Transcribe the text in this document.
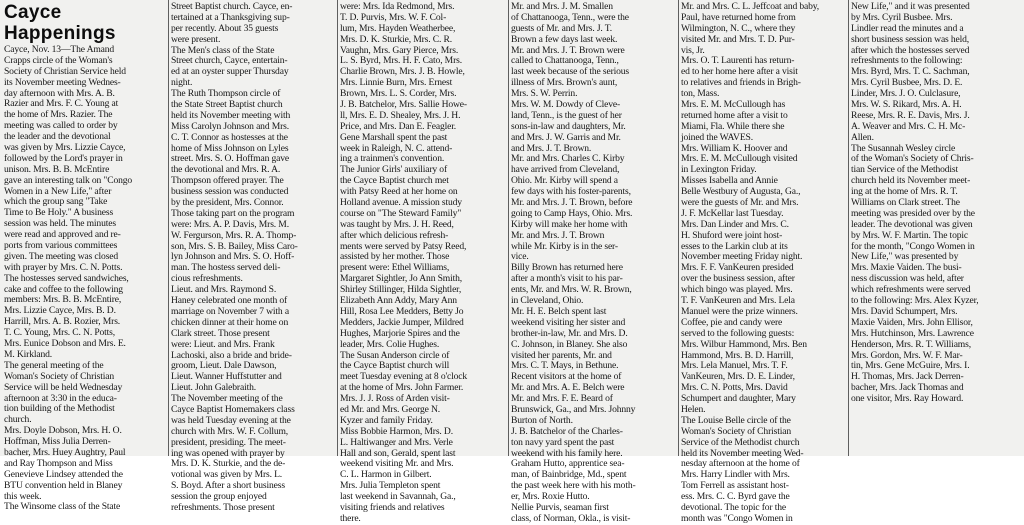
Cayce
Happenings
Cayce, Nov. 13—The Amand
Crapps circle of the Woman's
Society of Christian Service held
its November meeting Wednes-
day afternoon with Mrs. A. B.
Razier and Mrs. F. C. Young at
the home of Mrs. Razier. The
meeting was called to order by
the leader and the devotional
was given by Mrs. Lizzie Cayce,
followed by the Lord's prayer in
unison. Mrs. B. B. McEntire
gave an interesting talk on "Congo
Women in a New Life," after
which the group sang "Take
Time to Be Holy." A business
session was held. The minutes
were read and approved and re-
ports from various committees
given. The meeting was closed
with prayer by Mrs. C. N. Potts.
The hostesses served sandwiches,
cake and coffee to the following
members: Mrs. B. B. McEntire,
Mrs. Lizzie Cayce, Mrs. B. D.
Harrill, Mrs. A. B. Rozier, Mrs.
T. C. Young, Mrs. C. N. Potts,
Mrs. Eunice Dobson and Mrs. E.
M. Kirkland.
The general meeting of the
Woman's Society of Christian
Service will be held Wednesday
afternoon at 3:30 in the educa-
tion building of the Methodist
church.
Mrs. Doyle Dobson, Mrs. H. O.
Hoffman, Miss Julia Derren-
bacher, Mrs. Huey Aughtry, Paul
and Ray Thompson and Miss
Genevieve Lindsey attended the
BTU convention held in Blaney
this week.
The Winsome class of the State
Street Baptist church. Cayce, en-
tertained at a Thanksgiving sup-
per recently. About 35 guests
were present.
The Men's class of the State
Street church, Cayce, entertain-
ed at an oyster supper Thursday
night.
The Ruth Thompson circle of
the State Street Baptist church
held its November meeting with
Miss Carolyn Johnson and Mrs.
C. T. Connor as hostesses at the
home of Miss Johnson on Lyles
street. Mrs. S. O. Hoffman gave
the devotional and Mrs. R. A.
Thompson offered prayer. The
business session was conducted
by the president, Mrs. Connor.
Those taking part on the program
were: Mrs. A. P. Davis, Mrs. M.
W. Fergurson, Mrs. R. A. Thomp-
son, Mrs. S. B. Bailey, Miss Caro-
lyn Johnson and Mrs. S. O. Hoff-
man. The hostess served deli-
cious refreshments.
Lieut. and Mrs. Raymond S.
Haney celebrated one month of
marriage on November 7 with a
chicken dinner at their home on
Clark street. Those present
were: Lieut. and Mrs. Frank
Lachoski, also a bride and bride-
groom, Lieut. Dale Dawson,
Lieut. Wanner Huffstutter and
Lieut. John Galebraith.
The November meeting of the
Cayce Baptist Homemakers class
was held Tuesday evening at the
church with Mrs. W. F. Collum,
president, presiding. The meet-
ing was opened with prayer by
Mrs. D. K. Sturkie, and the de-
votional was given by Mrs. L.
S. Boyd. After a short business
session the group enjoyed
refreshments. Those present
were: Mrs. Ida Redmond, Mrs.
T. D. Purvis, Mrs. W. F. Col-
lum, Mrs. Hayden Weatherbee,
Mrs. D. K. Sturkie, Mrs. C. R.
Vaughn, Mrs. Gary Pierce, Mrs.
L. S. Byrd, Mrs. H. F. Cato, Mrs.
Charlie Brown, Mrs. J. B. Howle,
Mrs. Linnie Burn, Mrs. Ernest
Brown, Mrs. L. S. Corder, Mrs.
J. B. Batchelor, Mrs. Sallie Howe-
ll, Mrs. E. D. Shealey, Mrs. J. H.
Price, and Mrs. Dan E. Feagler.
Gene Marshall spent the past
week in Raleigh, N. C. attend-
ing a trainmen's convention.
The Junior Girls' auxiliary of
the Cayce Baptist church met
with Patsy Reed at her home on
Holland avenue. A mission study
course on "The Steward Family"
was taught by Mrs. J. H. Reed,
after which delicious refresh-
ments were served by Patsy Reed,
assisted by her mother. Those
present were: Ethel Williams,
Margaret Sightler, Jo Ann Smith,
Shirley Stillinger, Hilda Sightler,
Elizabeth Ann Addy, Mary Ann
Hill, Rosa Lee Medders, Betty Jo
Medders, Jackie Jumper, Mildred
Hughes, Marjorie Spires and the
leader, Mrs. Colie Hughes.
The Susan Anderson circle of
the Cayce Baptist church will
meet Tuesday evening at 8 o'clock
at the home of Mrs. John Farmer.
Mrs. J. J. Ross of Arden visit-
ed Mr. and Mrs. George N.
Kyzer and family Friday.
Miss Bobbie Harmon, Mrs. D.
L. Haltiwanger and Mrs. Verle
Hall and son, Gerald, spent last
weekend visiting Mr. and Mrs.
C. L. Harmon in Gilbert.
Mrs. Julia Templeton spent
last weekend in Savannah, Ga.,
visiting friends and relatives
there.
Mr. and Mrs. J. M. Smallen
of Chattanooga, Tenn., were the
guests of Mr. and Mrs. J. T.
Brown a few days last week.
Mr. and Mrs. J. T. Brown were
called to Chattanooga, Tenn.,
last week because of the serious
illness of Mrs. Brown's aunt,
Mrs. S. W. Perrin.
Mrs. W. M. Dowdy of Cleve-
land, Tenn., is the guest of her
sons-in-law and daughters, Mr.
and Mrs. J. W. Garris and Mr.
and Mrs. J. T. Brown.
Mr. and Mrs. Charles C. Kirby
have arrived from Cleveland,
Ohio. Mr. Kirby will spend a
few days with his foster-parents,
Mr. and Mrs. J. T. Brown, before
going to Camp Hays, Ohio. Mrs.
Kirby will make her home with
Mr. and Mrs. J. T. Brown
while Mr. Kirby is in the ser-
vice.
Billy Brown has returned here
after a month's visit to his par-
ents, Mr. and Mrs. W. R. Brown,
in Cleveland, Ohio.
Mr. H. E. Belch spent last
weekend visiting her sister and
brother-in-law, Mr. and Mrs. D.
C. Johnson, in Blaney. She also
visited her parents, Mr. and
Mrs. C. T. Mays, in Bethune.
Recent visitors at the home of
Mr. and Mrs. A. E. Belch were
Mr. and Mrs. F. E. Beard of
Brunswick, Ga., and Mrs. Johnny
Burton of North.
J. B. Batchelor of the Charles-
ton navy yard spent the past
weekend with his family here.
Graham Hutto, apprentice sea-
man, of Bainbridge, Md., spent
the past week here with his moth-
er, Mrs. Roxie Hutto.
Nellie Purvis, seaman first
class, of Norman, Okla., is visit-
Mr. and Mrs. C. L. Jeffcoat and baby,
Paul, have returned home from
Wilmington, N. C., where they
visited Mr. and Mrs. T. D. Pur-
vis, Jr.
Mrs. O. T. Laurenti has return-
ed to her home here after a visit
to relatives and friends in Brigh-
ton, Mass.
Mrs. E. M. McCullough has
returned home after a visit to
Miami, Fla. While there she
joined the WAVES.
Mrs. William K. Hoover and
Mrs. E. M. McCullough visited
in Lexington Friday.
Misses Isabella and Annie
Belle Westbury of Augusta, Ga.,
were the guests of Mr. and Mrs.
J. F. McKellar last Tuesday.
Mrs. Dan Linder and Mrs. C.
H. Shuford were joint host-
esses to the Larkin club at its
November meeting Friday night.
Mrs. F. F. VanKeuren presided
over the business session, after
which bingo was played. Mrs.
T. F. VanKeuren and Mrs. Lela
Manuel were the prize winners.
Coffee, pie and candy were
served to the following guests:
Mrs. Wilbur Hammond, Mrs. Ben
Hammond, Mrs. B. D. Harrill,
Mrs. Lela Manuel, Mrs. T. F.
VanKeuren, Mrs. D. E. Linder,
Mrs. C. N. Potts, Mrs. David
Schumpert and daughter, Mary
Helen.
The Louise Belle circle of the
Woman's Society of Christian
Service of the Methodist church
held its November meeting Wed-
nesday afternoon at the home of
Mrs. Harry Lindler with Mrs.
Tom Ferrell as assistant host-
ess. Mrs. C. C. Byrd gave the
devotional. The topic for the
month was "Congo Women in
New Life," and it was presented
by Mrs. Cyril Busbee. Mrs.
Lindler read the minutes and a
short business session was held,
after which the hostesses served
refreshments to the following:
Mrs. Byrd, Mrs. T. C. Sachman,
Mrs. Cyril Busbee, Mrs. D. E.
Linder, Mrs. J. O. Culclasure,
Mrs. W. S. Rikard, Mrs. A. H.
Reese, Mrs. R. E. Davis, Mrs. J.
A. Weaver and Mrs. C. H. Mc-
Allen.
The Susannah Wesley circle
of the Woman's Society of Chris-
tian Service of the Methodist
church held its November meet-
ing at the home of Mrs. R. T.
Williams on Clark street. The
meeting was presided over by the
leader. The devotional was given
by Mrs. W. F. Martin. The topic
for the month, "Congo Women in
New Life," was presented by
Mrs. Maxie Vaiden. The busi-
ness discussion was held, after
which refreshments were served
to the following: Mrs. Alex Kyzer,
Mrs. David Schumpert, Mrs.
Maxie Vaiden, Mrs. John Ellisor,
Mrs. Hutchinson, Mrs. Lawrence
Henderson, Mrs. R. T. Williams,
Mrs. Gordon, Mrs. W. F. Mar-
tin, Mrs. Gene McGuire, Mrs. I.
H. Thomas, Mrs. Jack Derren-
bacher, Mrs. Jack Thomas and
one visitor, Mrs. Ray Howard.
